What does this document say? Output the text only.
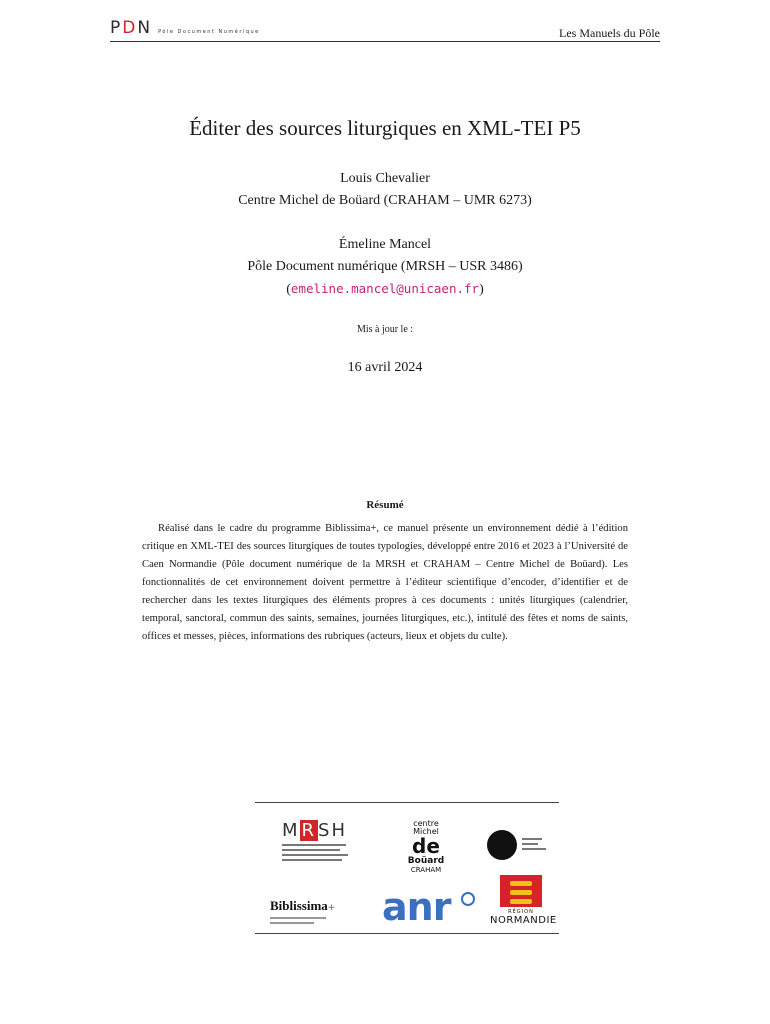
PDN Pôle Document Numérique	Les Manuels du Pôle
Éditer des sources liturgiques en XML-TEI P5
Louis Chevalier
Centre Michel de Boüard (CRAHAM – UMR 6273)
Émeline Mancel
Pôle Document numérique (MRSH – USR 3486)
(emeline.mancel@unicaen.fr)
Mis à jour le :
16 avril 2024
Résumé
Réalisé dans le cadre du programme Biblissima+, ce manuel présente un environnement dédié à l’édition critique en XML-TEI des sources liturgiques de toutes typologies, développé entre 2016 et 2023 à l’Université de Caen Normandie (Pôle document numérique de la MRSH et CRAHAM – Centre Michel de Boüard). Les fonctionnalités de cet environnement doivent permettre à l’éditeur scientifique d’encoder, d’identifier et de rechercher dans les textes liturgiques des éléments propres à ces documents : unités liturgiques (calendrier, temporal, sanctoral, commun des saints, semaines, journées liturgiques, etc.), intitulé des fêtes et noms de saints, offices et messes, pièces, informations des rubriques (acteurs, lieux et objets du culte).
M R SH	centre
Michel
de
Boüard
CRAHAM
Biblissima+ anr	RÉGION
NORMANDIE
